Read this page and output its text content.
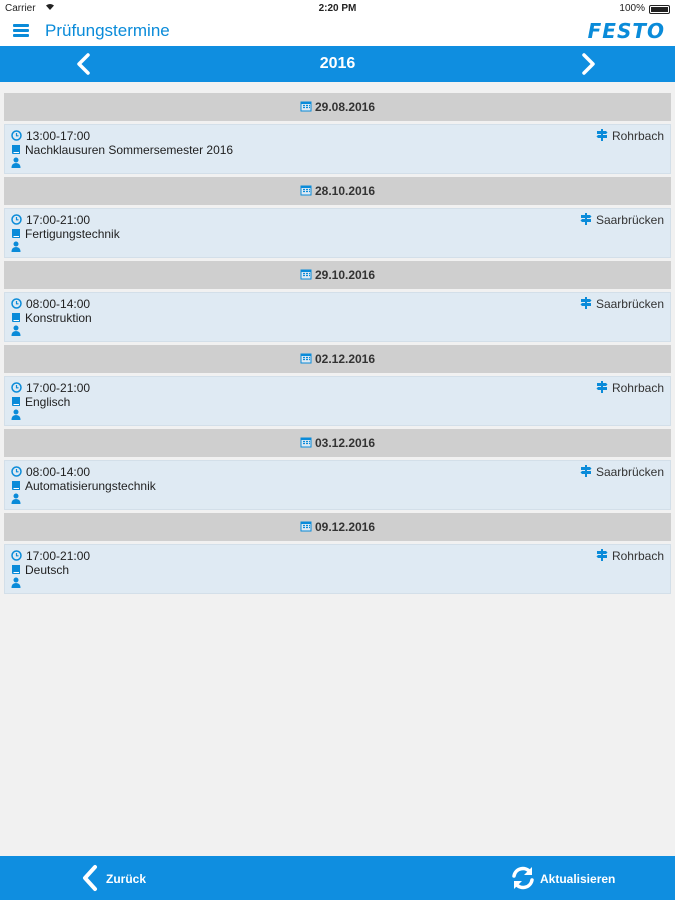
Carrier	2:20 PM	100%
Prüfungstermine	FESTO
2016
29.08.2016
13:00-17:00
Nachklausuren Sommersemester 2016
Rohrbach
28.10.2016
17:00-21:00
Fertigungstechnik
Saarbrücken
29.10.2016
08:00-14:00
Konstruktion
Saarbrücken
02.12.2016
17:00-21:00
Englisch
Rohrbach
03.12.2016
08:00-14:00
Automatisierungstechnik
Saarbrücken
09.12.2016
17:00-21:00
Deutsch
Rohrbach
Zurück	Aktualisieren
